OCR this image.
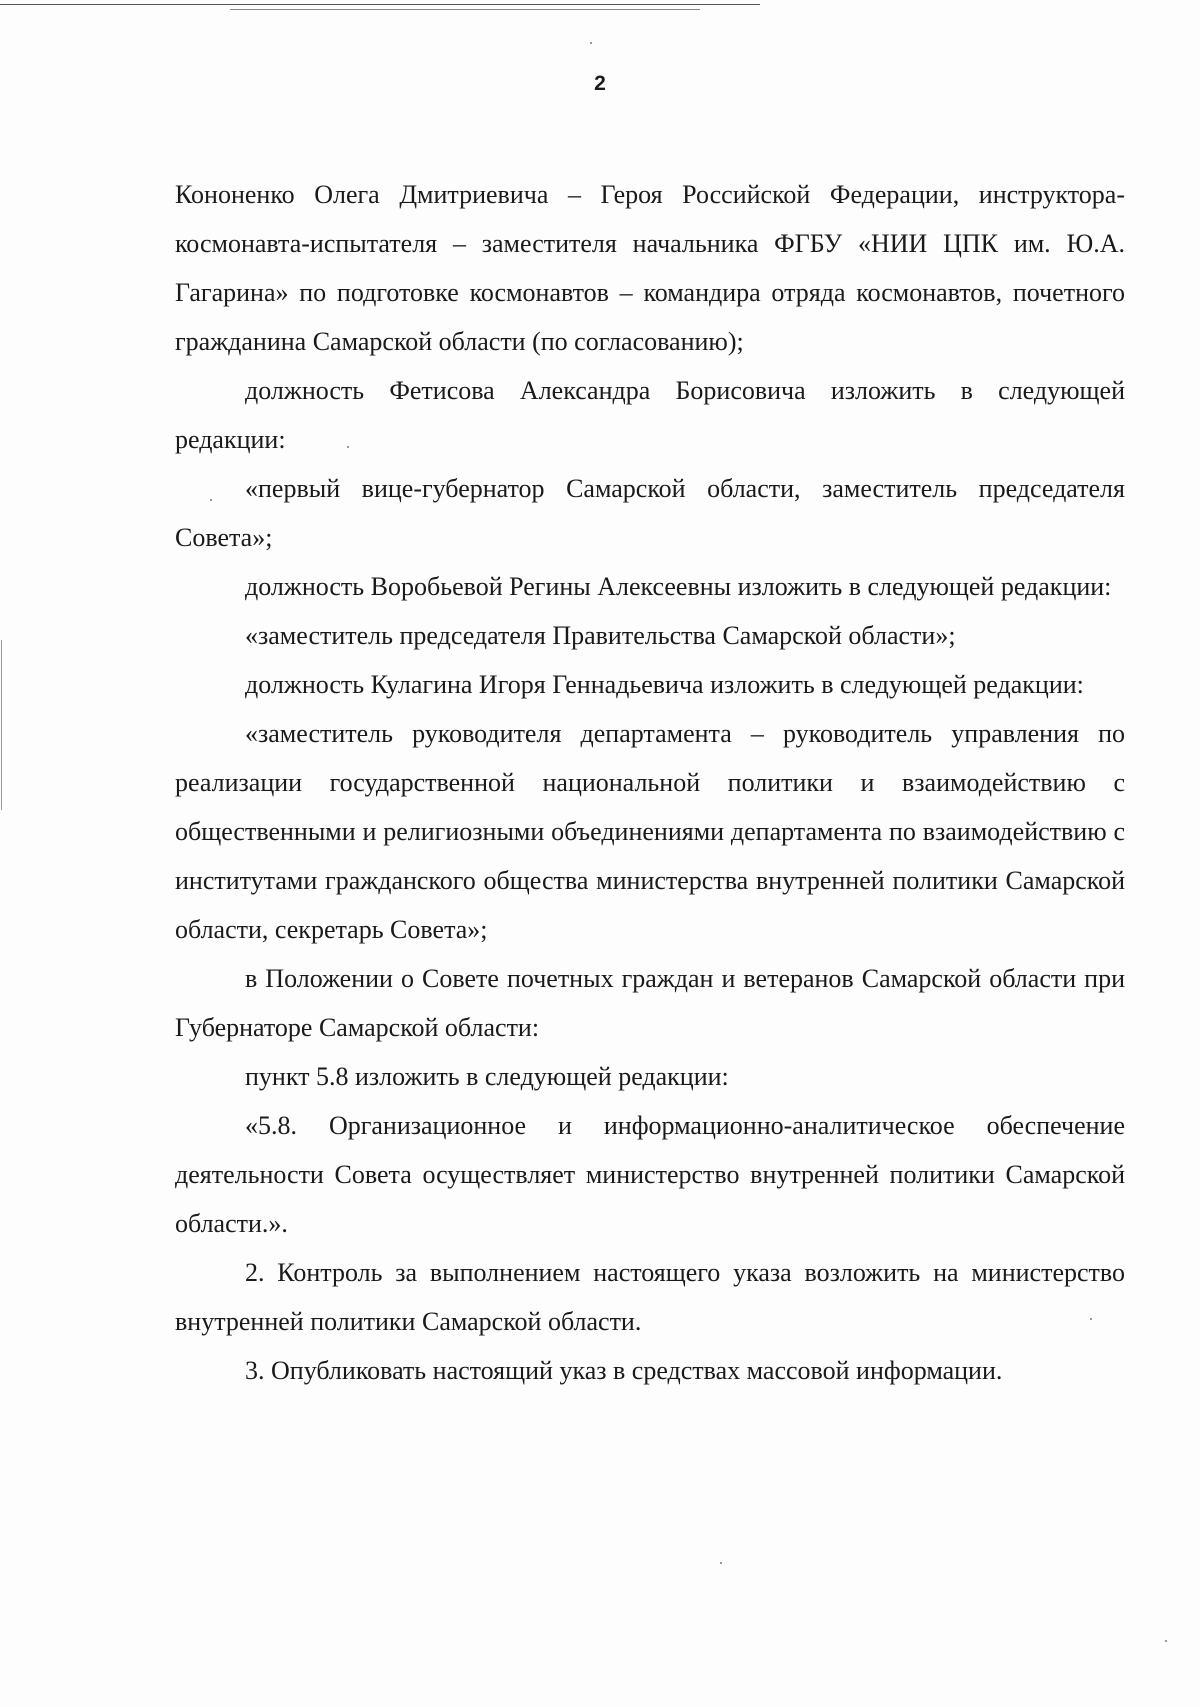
2

Кононенко Олега Дмитриевича – Героя Российской Федерации, инструктора-космонавта-испытателя – заместителя начальника ФГБУ «НИИ ЦПК им. Ю.А. Гагарина» по подготовке космонавтов – командира отряда космонавтов, почетного гражданина Самарской области (по согласованию);

должность Фетисова Александра Борисовича изложить в следующей редакции:

«первый вице-губернатор Самарской области, заместитель председателя Совета»;

должность Воробьевой Регины Алексеевны изложить в следующей редакции:

«заместитель председателя Правительства Самарской области»;

должность Кулагина Игоря Геннадьевича изложить в следующей редакции:

«заместитель руководителя департамента – руководитель управления по реализации государственной национальной политики и взаимодействию с общественными и религиозными объединениями департамента по взаимодействию с институтами гражданского общества министерства внутренней политики Самарской области, секретарь Совета»;

в Положении о Совете почетных граждан и ветеранов Самарской области при Губернаторе Самарской области:

пункт 5.8 изложить в следующей редакции:

«5.8. Организационное и информационно-аналитическое обеспечение деятельности Совета осуществляет министерство внутренней политики Самарской области.».

2. Контроль за выполнением настоящего указа возложить на министерство внутренней политики Самарской области.

3. Опубликовать настоящий указ в средствах массовой информации.
